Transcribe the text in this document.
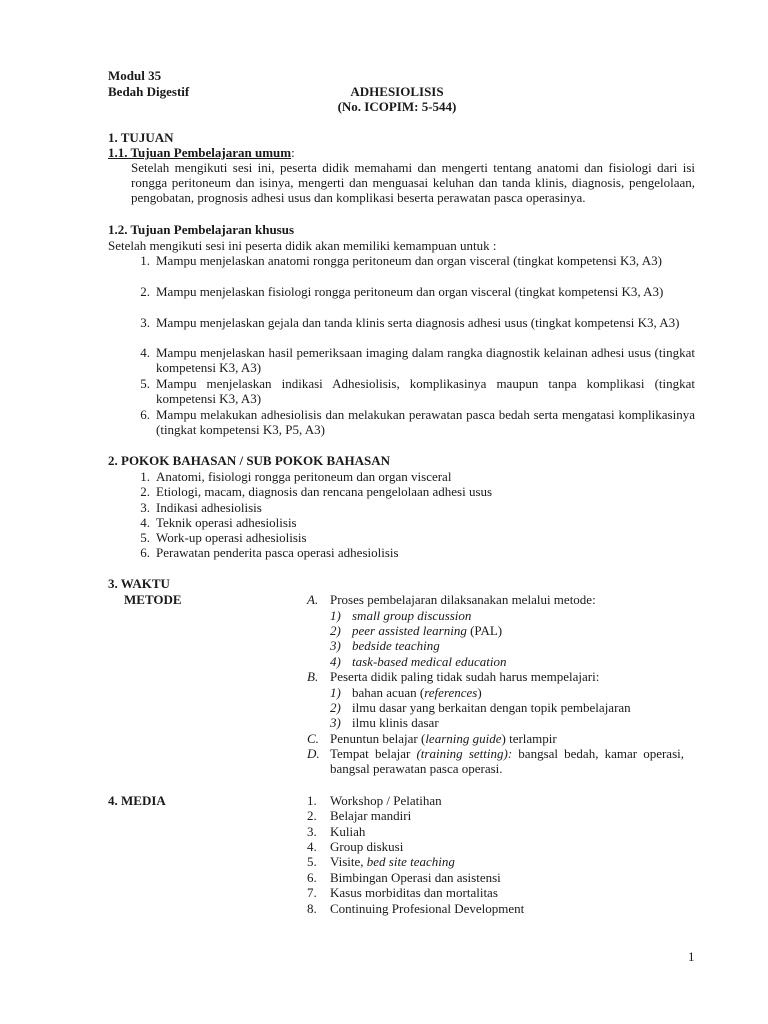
Modul 35
Bedah Digestif	ADHESIOLISIS
(No. ICOPIM: 5-544)
1. TUJUAN
1.1. Tujuan Pembelajaran umum:
Setelah mengikuti sesi ini, peserta didik memahami dan mengerti tentang anatomi dan fisiologi dari isi rongga peritoneum dan isinya, mengerti dan menguasai keluhan dan tanda klinis, diagnosis, pengelolaan, pengobatan, prognosis adhesi usus dan komplikasi beserta perawatan pasca operasinya.
1.2. Tujuan Pembelajaran khusus
Setelah mengikuti sesi ini peserta didik akan memiliki kemampuan untuk :
1. Mampu menjelaskan anatomi rongga peritoneum dan organ visceral (tingkat kompetensi K3, A3)
2. Mampu menjelaskan fisiologi rongga peritoneum dan organ visceral (tingkat kompetensi K3, A3)
3. Mampu menjelaskan gejala dan tanda klinis serta diagnosis adhesi usus (tingkat kompetensi K3, A3)
4. Mampu menjelaskan hasil pemeriksaan imaging dalam rangka diagnostik kelainan adhesi usus (tingkat kompetensi K3, A3)
5. Mampu menjelaskan indikasi Adhesiolisis, komplikasinya maupun tanpa komplikasi (tingkat kompetensi K3, A3)
6. Mampu melakukan adhesiolisis dan melakukan perawatan pasca bedah serta mengatasi komplikasinya (tingkat kompetensi K3, P5, A3)
2. POKOK BAHASAN / SUB POKOK BAHASAN
1. Anatomi, fisiologi rongga peritoneum dan organ visceral
2. Etiologi, macam, diagnosis dan rencana pengelolaan adhesi usus
3. Indikasi adhesiolisis
4. Teknik operasi adhesiolisis
5. Work-up operasi adhesiolisis
6. Perawatan penderita pasca operasi adhesiolisis
3. WAKTU
METODE	A. Proses pembelajaran dilaksanakan melalui metode:
1) small group discussion
2) peer assisted learning (PAL)
3) bedside teaching
4) task-based medical education
B. Peserta didik paling tidak sudah harus mempelajari:
1) bahan acuan (references)
2) ilmu dasar yang berkaitan dengan topik pembelajaran
3) ilmu klinis dasar
C. Penuntun belajar (learning guide) terlampir
D. Tempat belajar (training setting): bangsal bedah, kamar operasi, bangsal perawatan pasca operasi.
4. MEDIA	1. Workshop / Pelatihan
2. Belajar mandiri
3. Kuliah
4. Group diskusi
5. Visite, bed site teaching
6. Bimbingan Operasi dan asistensi
7. Kasus morbiditas dan mortalitas
8. Continuing Profesional Development
1
